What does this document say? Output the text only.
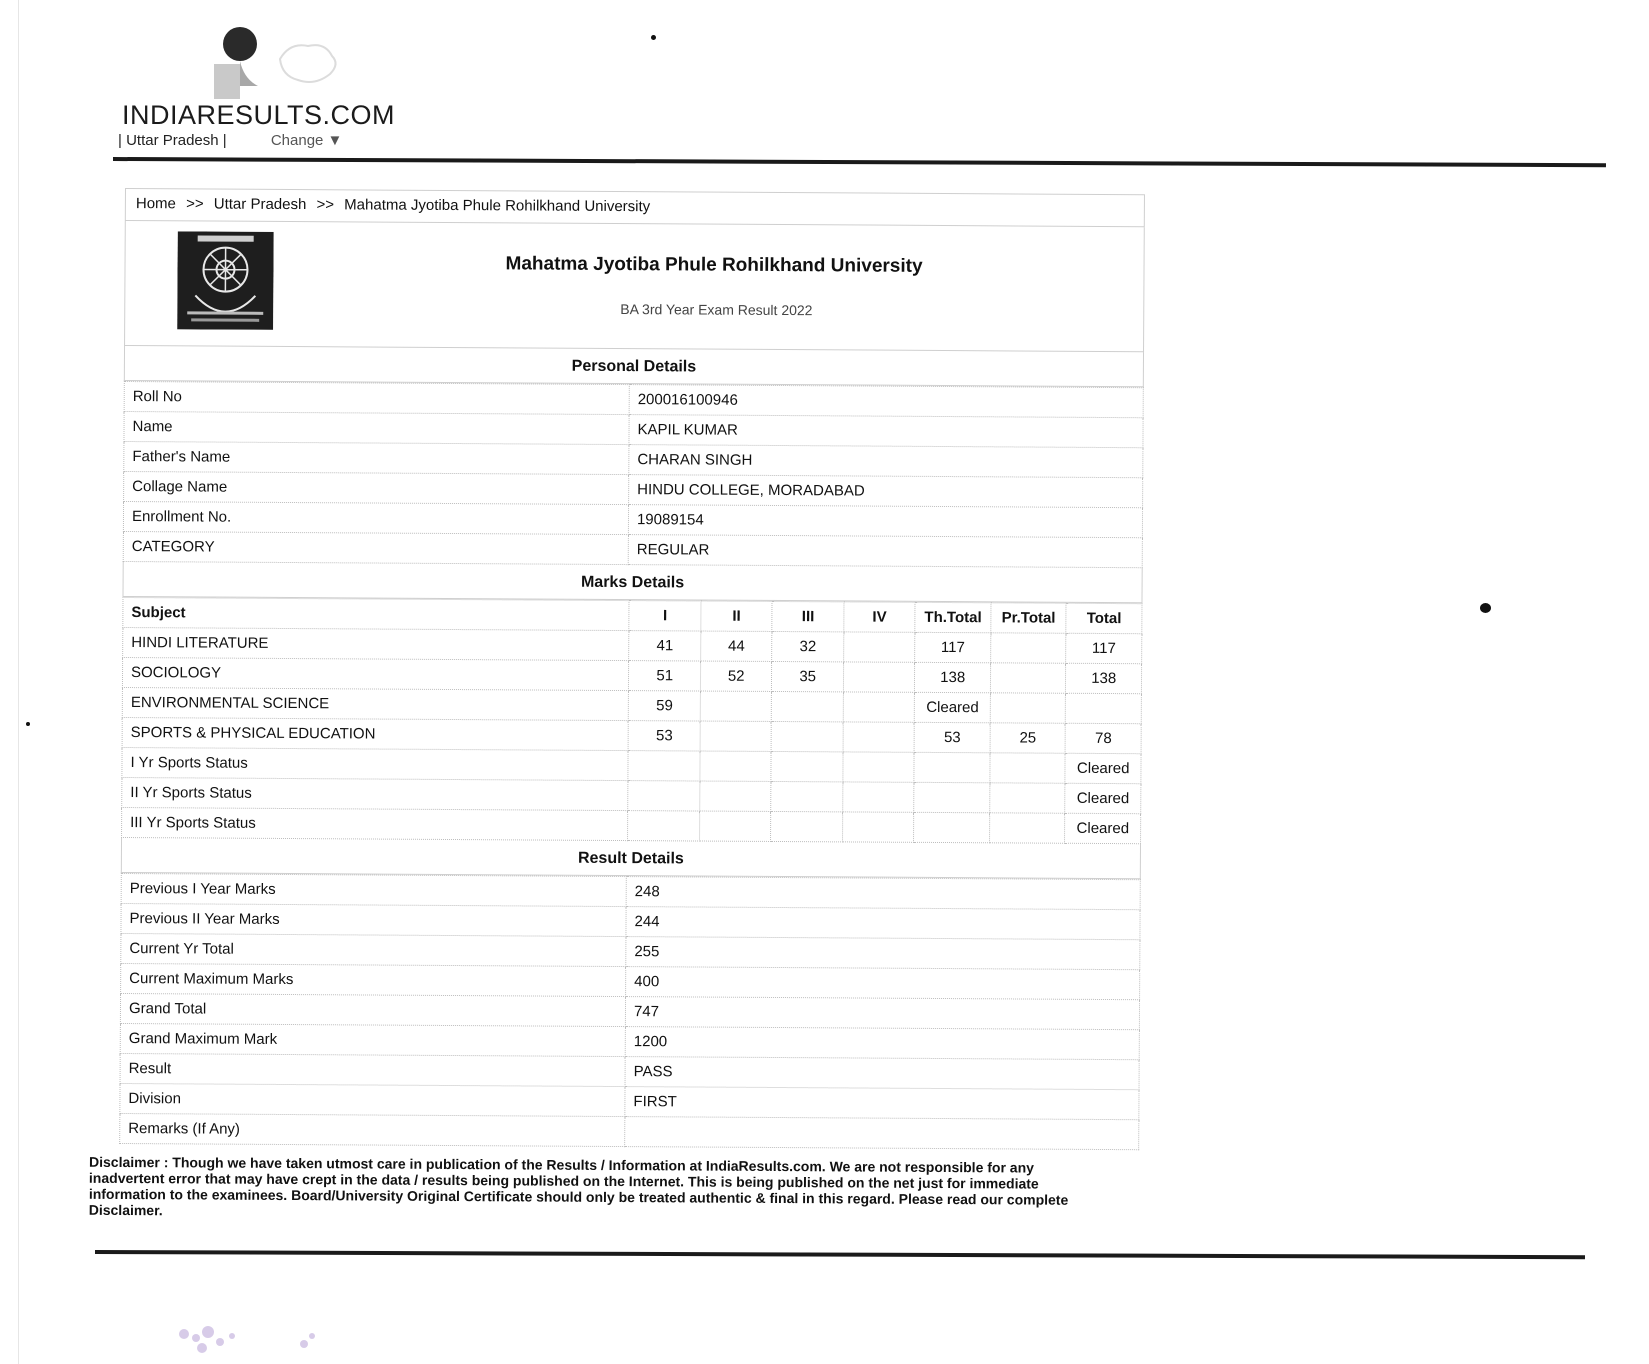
INDIARESULTS.COM
| Uttar Pradesh |	Change ▼
Home >> Uttar Pradesh >> Mahatma Jyotiba Phule Rohilkhand University
Mahatma Jyotiba Phule Rohilkhand University
BA 3rd Year Exam Result 2022
Personal Details
Roll No	200016100946
Name	KAPIL KUMAR
Father's Name	CHARAN SINGH
Collage Name	HINDU COLLEGE, MORADABAD
Enrollment No.	19089154
CATEGORY	REGULAR
Marks Details
Subject	I	II	III	IV	Th.Total	Pr.Total	Total
HINDI LITERATURE	41	44	32		117		117
SOCIOLOGY	51	52	35		138		138
ENVIRONMENTAL SCIENCE	59				Cleared		
SPORTS & PHYSICAL EDUCATION	53				53	25	78
I Yr Sports Status							Cleared
II Yr Sports Status							Cleared
III Yr Sports Status							Cleared
Result Details
Previous I Year Marks	248
Previous II Year Marks	244
Current Yr Total	255
Current Maximum Marks	400
Grand Total	747
Grand Maximum Mark	1200
Result	PASS
Division	FIRST
Remarks (If Any)	
Disclaimer : Though we have taken utmost care in publication of the Results / Information at IndiaResults.com. We are not responsible for any inadvertent error that may have crept in the data / results being published on the Internet. This is being published on the net just for immediate information to the examinees. Board/University Original Certificate should only be treated authentic & final in this regard. Please read our complete Disclaimer.
